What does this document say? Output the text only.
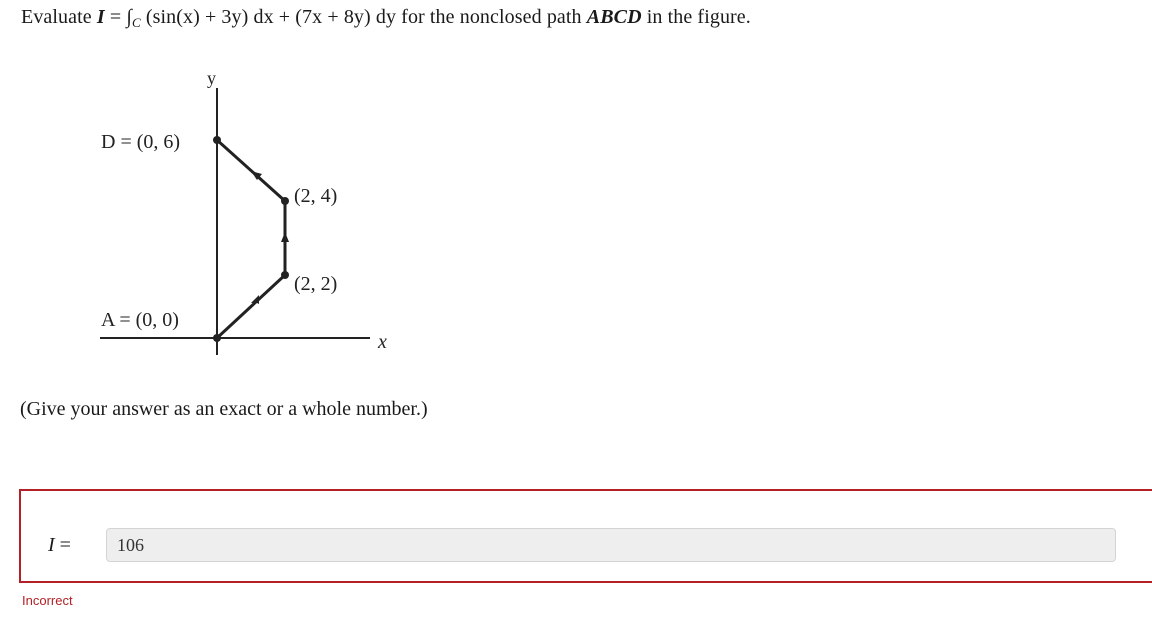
Evaluate $I = \int_C$ (sin(x) + 3y) dx + (7x + 8y) dy for the nonclosed path ABCD in the figure.
y
x
D = (0, 6)
(2, 4)
(2, 2)
A = (0, 0)
(Give your answer as an exact or a whole number.)
I =	106
Incorrect
